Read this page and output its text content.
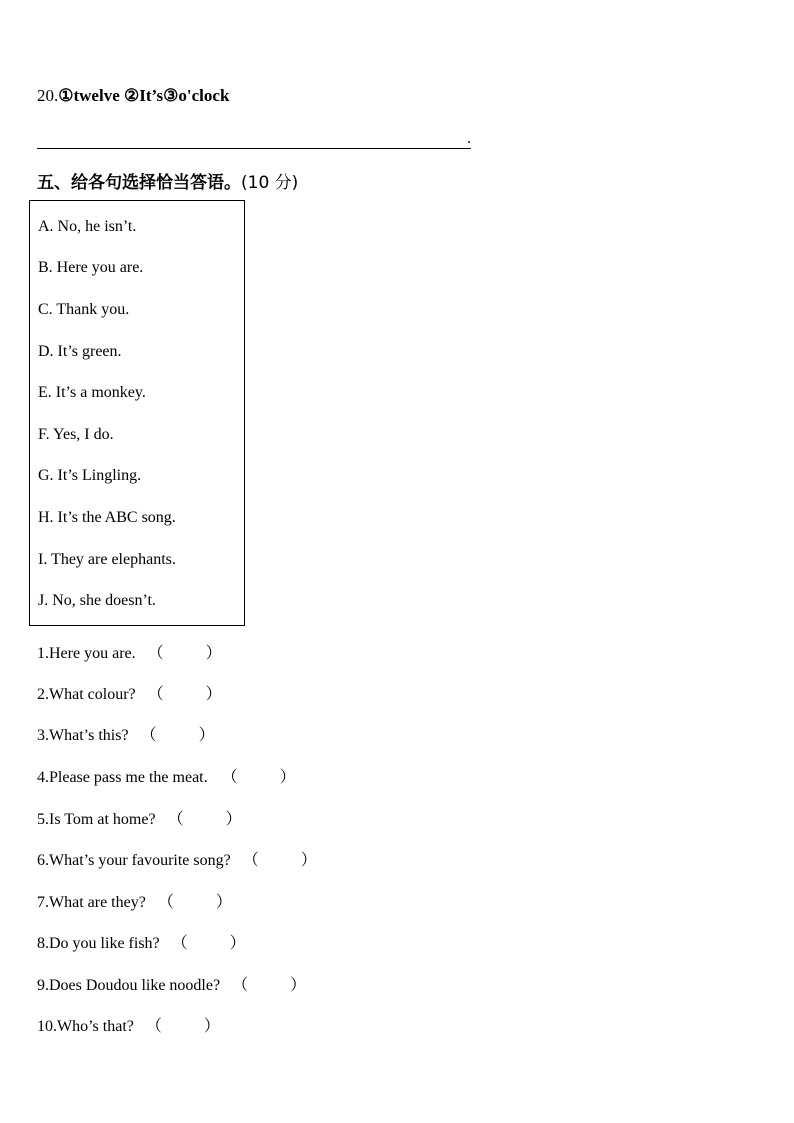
20.①twelve ②It’s③o'clock
.
五、给各句选择恰当答语。(10 分)
A. No, he isn’t.
B. Here you are.
C. Thank you.
D. It’s green.
E. It’s a monkey.
F. Yes, I do.
G. It’s Lingling.
H. It’s the ABC song.
I. They are elephants.
J. No, she doesn’t.
1.Here you are. （	）
2.What colour? （	）
3.What’s this? （	）
4.Please pass me the meat. （	）
5.Is Tom at home? （	）
6.What’s your favourite song? （	）
7.What are they? （	）
8.Do you like fish? （	）
9.Does Doudou like noodle? （	）
10.Who’s that? （	）
